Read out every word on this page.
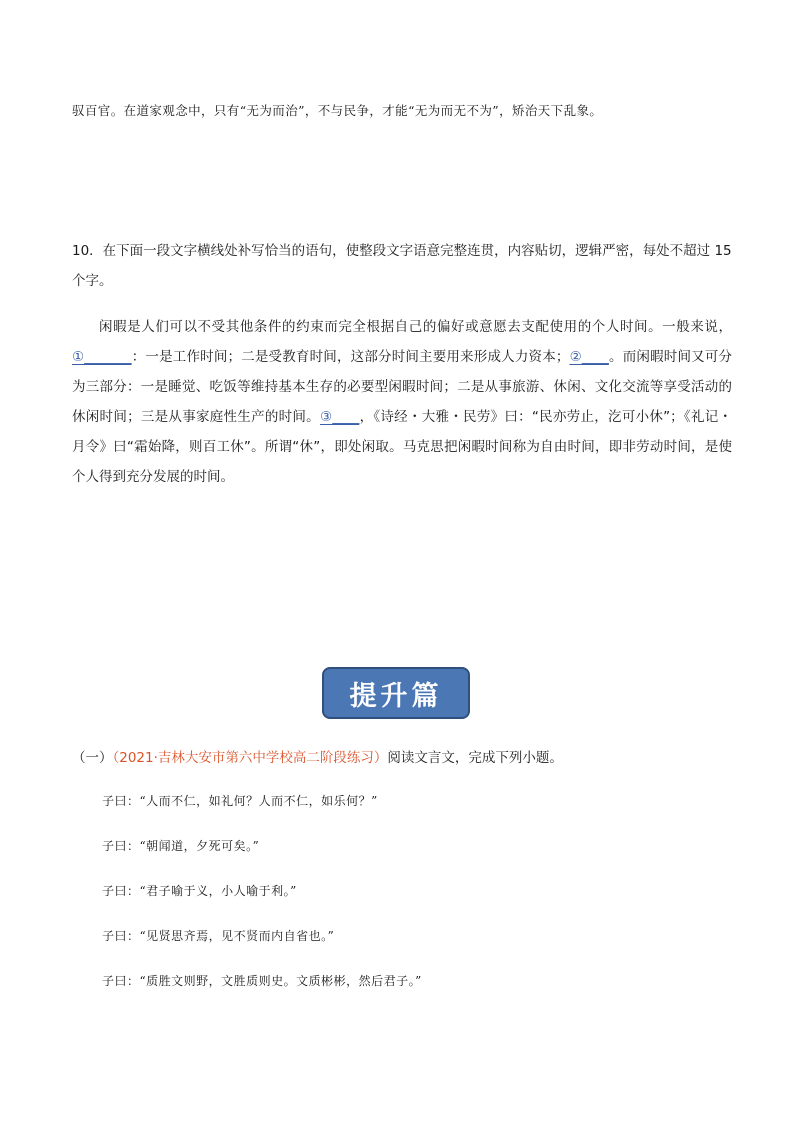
驭百官。在道家观念中，只有“无为而治”，不与民争，才能“无为而无不为”，矫治天下乱象。
10．在下面一段文字横线处补写恰当的语句，使整段文字语意完整连贯，内容贴切，逻辑严密，每处不超过 15 个字。
闲暇是人们可以不受其他条件的约束而完全根据自己的偏好或意愿去支配使用的个人时间。一般来说，①_______：一是工作时间；二是受教育时间，这部分时间主要用来形成人力资本；②____。而闲暇时间又可分为三部分：一是睡觉、吃饭等维持基本生存的必要型闲暇时间；二是从事旅游、休闲、文化交流等享受活动的休闲时间；三是从事家庭性生产的时间。③____，《诗经・大雅・民劳》曰：“民亦劳止，汔可小休”；《礼记・月令》曰“霜始降，则百工休”。所谓“休”，即处闲取。马克思把闲暇时间称为自由时间，即非劳动时间，是使个人得到充分发展的时间。
提升篇
（一）（2021·吉林大安市第六中学校高二阶段练习）阅读文言文，完成下列小题。
子曰：“人而不仁，如礼何？人而不仁，如乐何？”
子曰：“朝闻道，夕死可矣。”
子曰：“君子喻于义，小人喻于利。”
子曰：“见贤思齐焉，见不贤而内自省也。”
子曰：“质胜文则野，文胜质则史。文质彬彬，然后君子。”
